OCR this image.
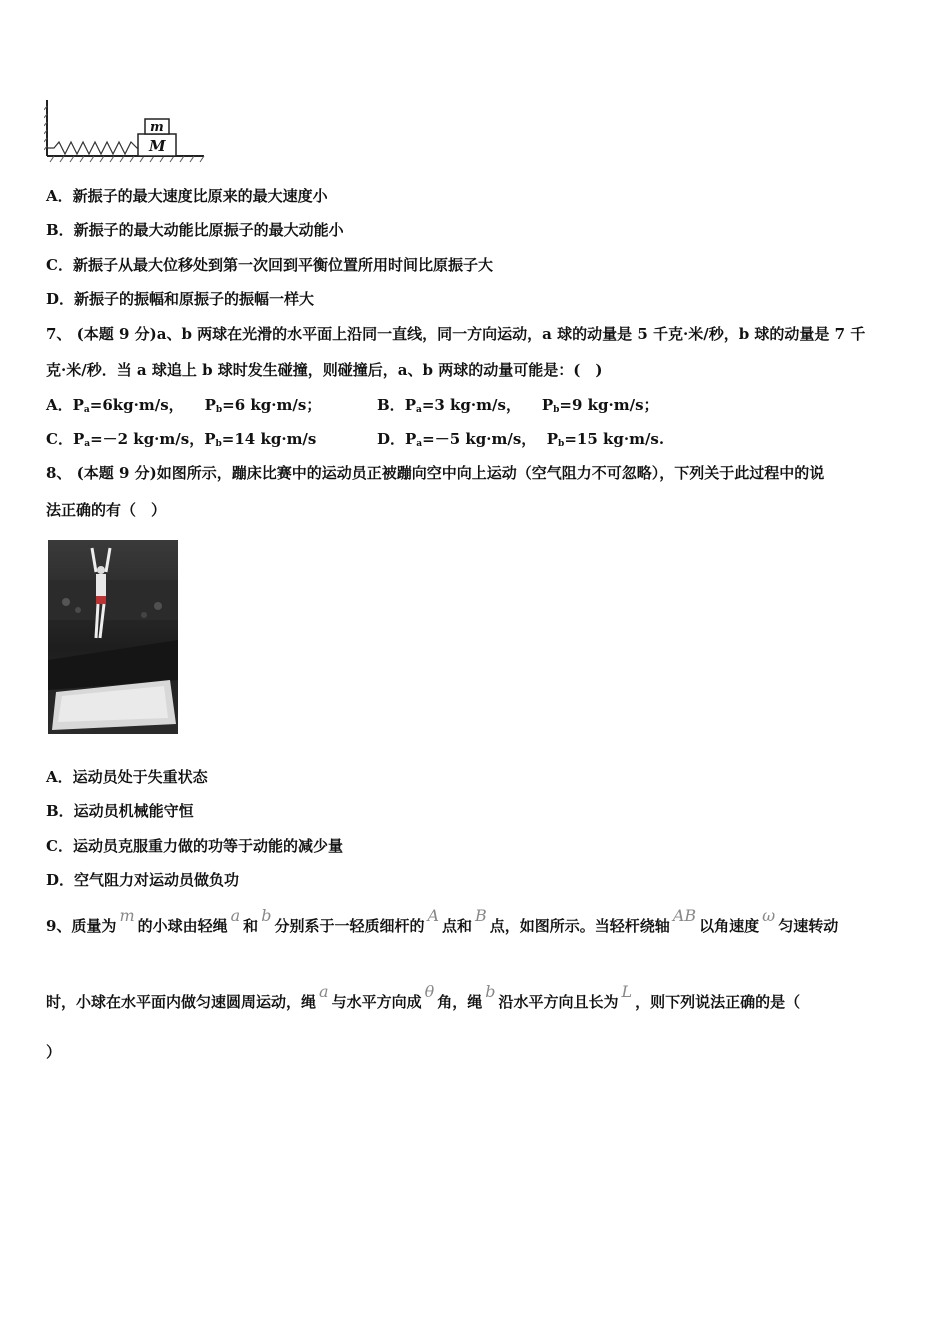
M
m
A．新振子的最大速度比原来的最大速度小
B．新振子的最大动能比原振子的最大动能小
C．新振子从最大位移处到第一次回到平衡位置所用时间比原振子大
D．新振子的振幅和原振子的振幅一样大
7、 (本题 9 分)a、b 两球在光滑的水平面上沿同一直线，同一方向运动，a 球的动量是 5 千克·米/秒，b 球的动量是 7 千
克·米/秒．当 a 球追上 b 球时发生碰撞，则碰撞后，a、b 两球的动量可能是：(　)
A．$P_a=6kg\cdot m/s$， $P_b=6$ kg·m/s；	B．$P_a=3$ kg·m/s， $P_b=9$ kg·m/s；
C．$P_a=-2$ kg·m/s，$P_b=14$ kg·m/s	D．$P_a=-5$ kg·m/s， $P_b=15$ kg·m/s.
8、 (本题 9 分)如图所示，蹦床比赛中的运动员正被蹦向空中向上运动（空气阻力不可忽略），下列关于此过程中的说
法正确的有（　）
A．运动员处于失重状态
B．运动员机械能守恒
C．运动员克服重力做的功等于动能的减少量
D．空气阻力对运动员做负功
9、质量为m的小球由轻绳a和b分别系于一轻质细杆的A点和B点，如图所示。当轻杆绕轴AB以角速度ω匀速转动
时，小球在水平面内做匀速圆周运动，绳a与水平方向成θ角，绳b沿水平方向且长为L，则下列说法正确的是（
）
